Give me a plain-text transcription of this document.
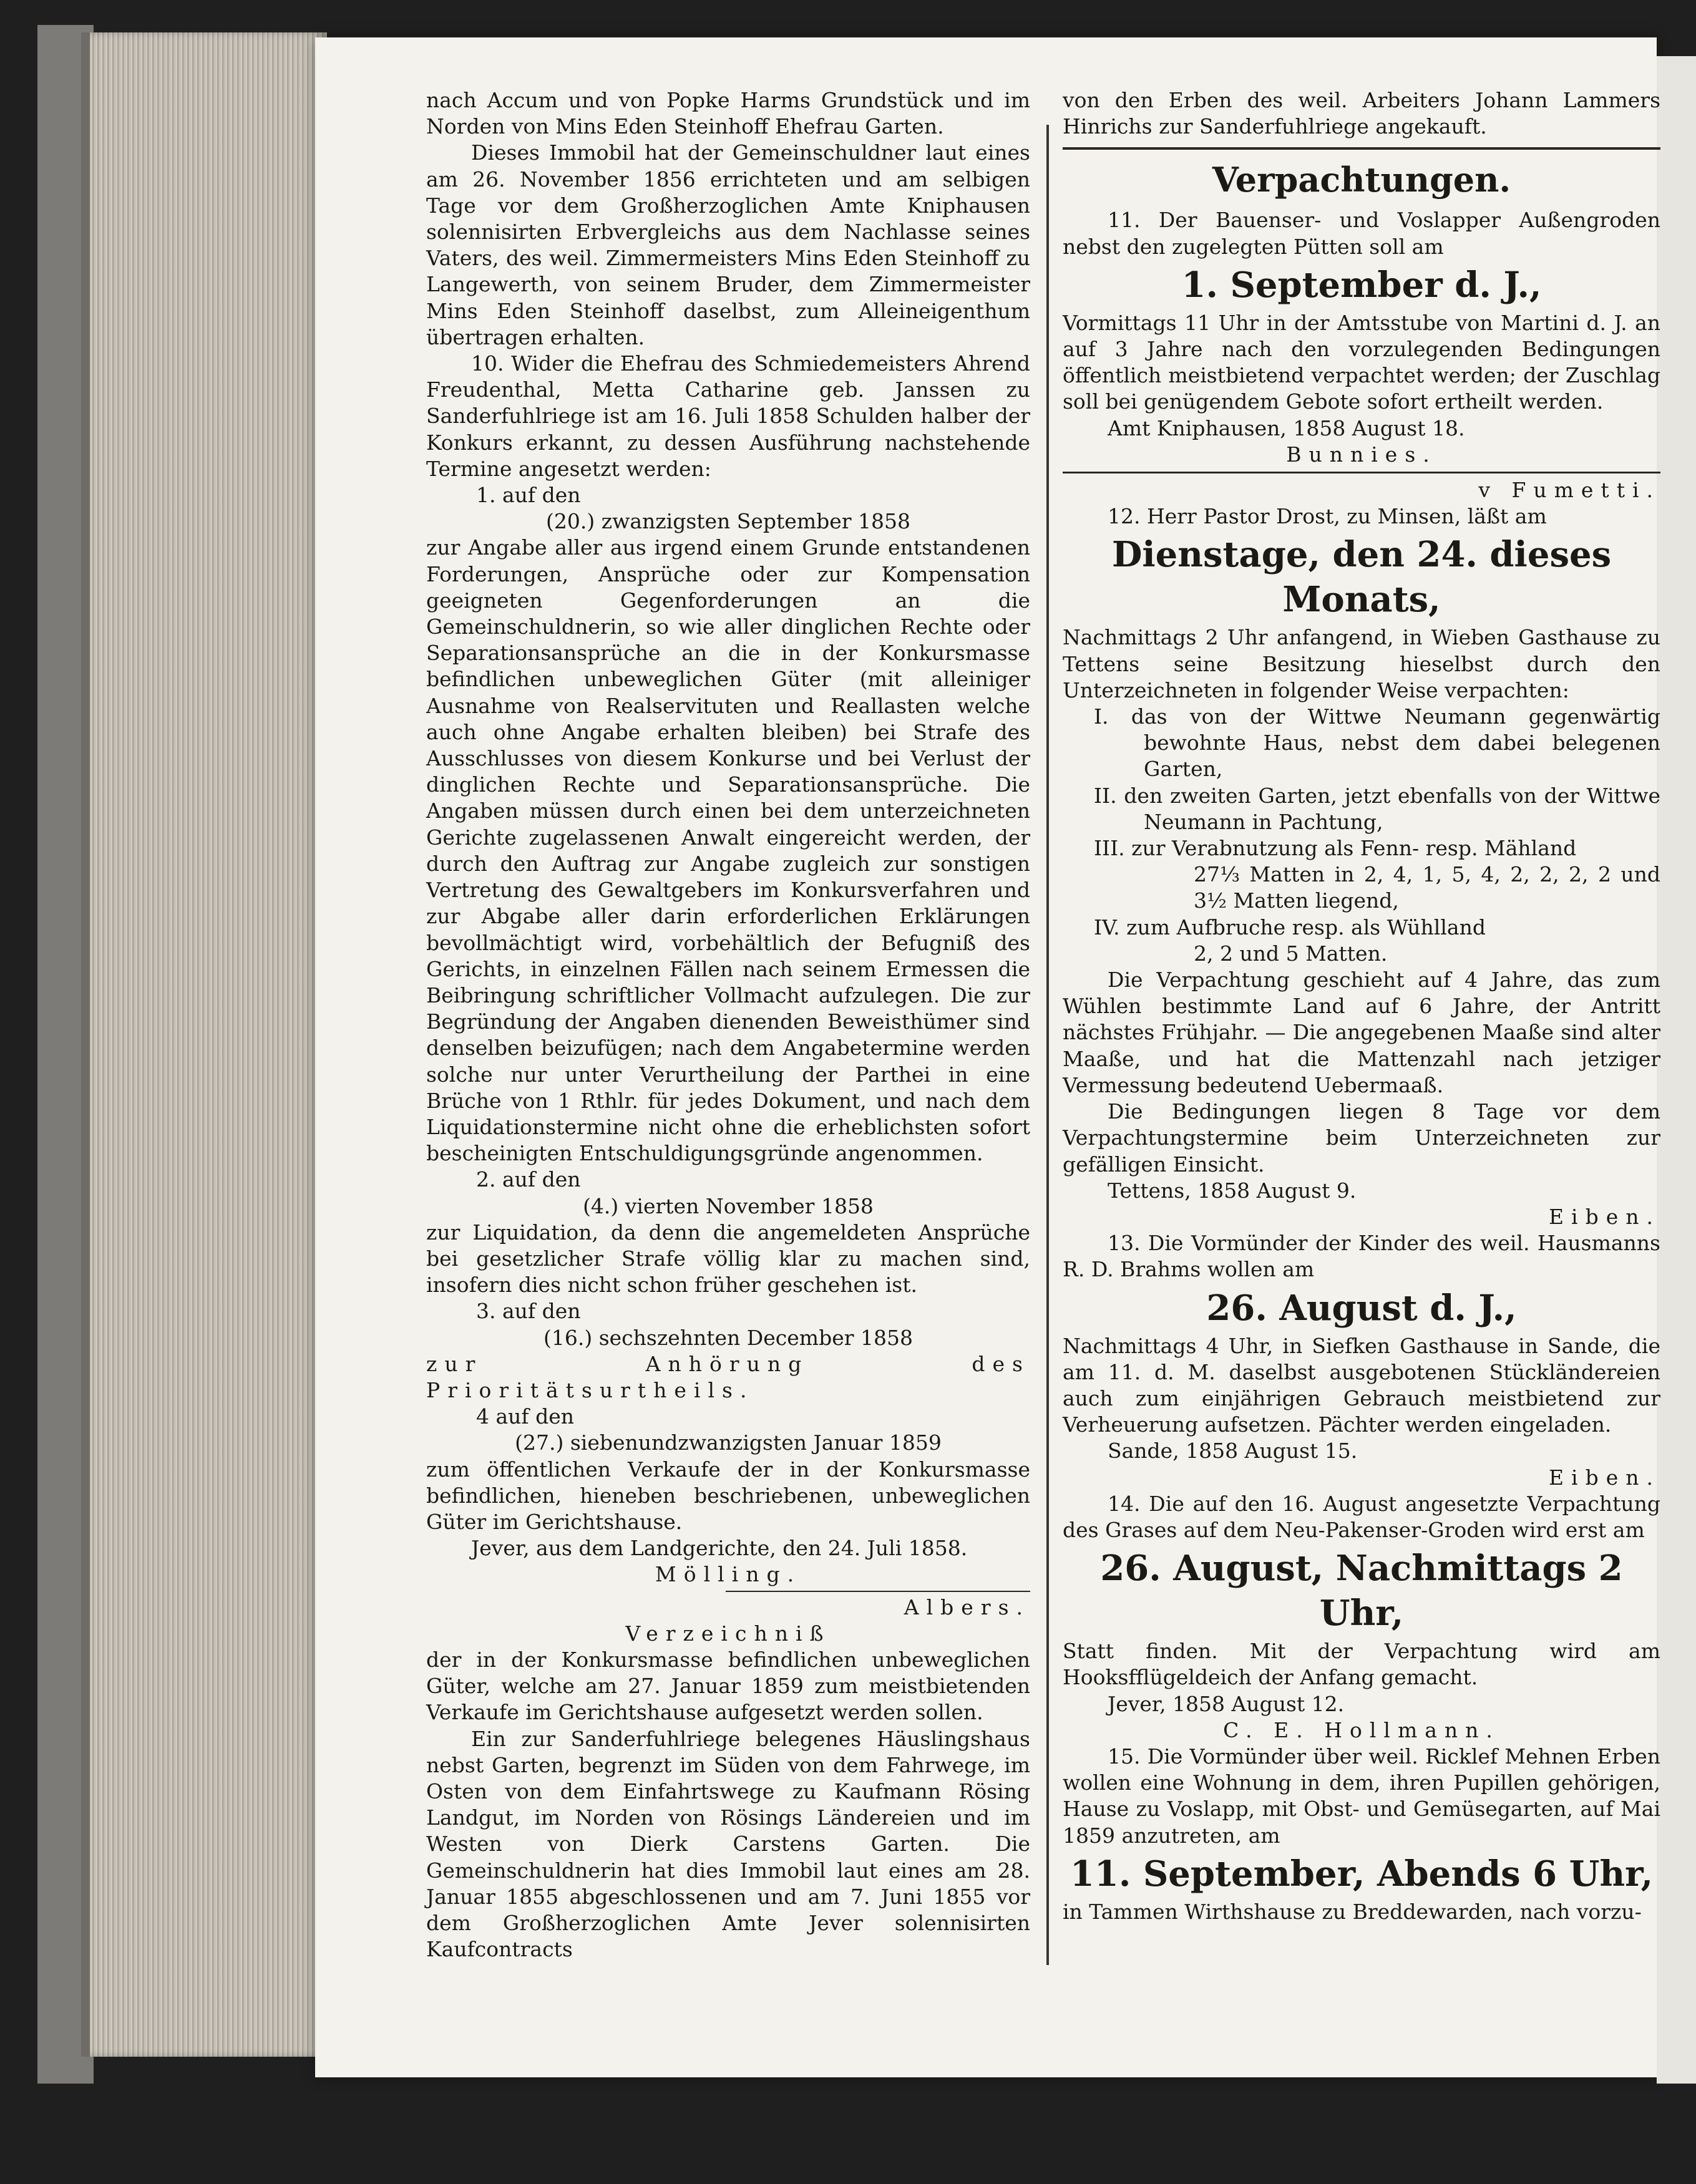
nach Accum und von Popke Harms Grundstück und im Norden von Mins Eden Steinhoff Ehefrau Garten.

Dieses Immobil hat der Gemeinschuldner laut eines am 26. November 1856 errichteten und am selbigen Tage vor dem Großherzoglichen Amte Kniphausen solennisirten Erbvergleichs aus dem Nachlasse seines Vaters, des weil. Zimmermeisters Mins Eden Steinhoff zu Langewerth, von seinem Bruder, dem Zimmermeister Mins Eden Steinhoff daselbst, zum Alleineigenthum übertragen erhalten.

10. Wider die Ehefrau des Schmiedemeisters Ahrend Freudenthal, Metta Catharine geb. Janssen zu Sanderfuhlriege ist am 16. Juli 1858 Schulden halber der Konkurs erkannt, zu dessen Ausführung nachstehende Termine angesetzt werden:

1. auf den

(20.) zwanzigsten September 1858

zur Angabe aller aus irgend einem Grunde entstandenen Forderungen, Ansprüche oder zur Kompensation geeigneten Gegenforderungen an die Gemeinschuldnerin, so wie aller dinglichen Rechte oder Separationsansprüche an die in der Konkursmasse befindlichen unbeweglichen Güter (mit alleiniger Ausnahme von Realservituten und Reallasten welche auch ohne Angabe erhalten bleiben) bei Strafe des Ausschlusses von diesem Konkurse und bei Verlust der dinglichen Rechte und Separationsansprüche. Die Angaben müssen durch einen bei dem unterzeichneten Gerichte zugelassenen Anwalt eingereicht werden, der durch den Auftrag zur Angabe zugleich zur sonstigen Vertretung des Gewaltgebers im Konkursverfahren und zur Abgabe aller darin erforderlichen Erklärungen bevollmächtigt wird, vorbehältlich der Befugniß des Gerichts, in einzelnen Fällen nach seinem Ermessen die Beibringung schriftlicher Vollmacht aufzulegen. Die zur Begründung der Angaben dienenden Beweisthümer sind denselben beizufügen; nach dem Angabetermine werden solche nur unter Verurtheilung der Parthei in eine Brüche von 1 Rthlr. für jedes Dokument, und nach dem Liquidationstermine nicht ohne die erheblichsten sofort bescheinigten Entschuldigungsgründe angenommen.

2. auf den

(4.) vierten November 1858

zur Liquidation, da denn die angemeldeten Ansprüche bei gesetzlicher Strafe völlig klar zu machen sind, insofern dies nicht schon früher geschehen ist.

3. auf den

(16.) sechszehnten December 1858

zur Anhörung des Prioritätsurtheils.

4 auf den

(27.) siebenundzwanzigsten Januar 1859

zum öffentlichen Verkaufe der in der Konkursmasse befindlichen, hieneben beschriebenen, unbeweglichen Güter im Gerichtshause.

Jever, aus dem Landgerichte, den 24. Juli 1858.

Mölling.

Albers.

Verzeichniß

der in der Konkursmasse befindlichen unbeweglichen Güter, welche am 27. Januar 1859 zum meistbietenden Verkaufe im Gerichtshause aufgesetzt werden sollen.

Ein zur Sanderfuhlriege belegenes Häuslingshaus nebst Garten, begrenzt im Süden von dem Fahrwege, im Osten von dem Einfahrtswege zu Kaufmann Rösing Landgut, im Norden von Rösings Ländereien und im Westen von Dierk Carstens Garten. Die Gemeinschuldnerin hat dies Immobil laut eines am 28. Januar 1855 abgeschlossenen und am 7. Juni 1855 vor dem Großherzoglichen Amte Jever solennisirten Kaufcontracts

von den Erben des weil. Arbeiters Johann Lammers Hinrichs zur Sanderfuhlriege angekauft.

Verpachtungen.

11. Der Bauenser- und Voslapper Außengroden nebst den zugelegten Pütten soll am

1. September d. J.,

Vormittags 11 Uhr in der Amtsstube von Martini d. J. an auf 3 Jahre nach den vorzulegenden Bedingungen öffentlich meistbietend verpachtet werden; der Zuschlag soll bei genügendem Gebote sofort ertheilt werden.

Amt Kniphausen, 1858 August 18.

Bunnies.

v Fumetti.

12. Herr Pastor Drost, zu Minsen, läßt am

Dienstage, den 24. dieses Monats,

Nachmittags 2 Uhr anfangend, in Wieben Gasthause zu Tettens seine Besitzung hieselbst durch den Unterzeichneten in folgender Weise verpachten:

I. das von der Wittwe Neumann gegenwärtig bewohnte Haus, nebst dem dabei belegenen Garten,

II. den zweiten Garten, jetzt ebenfalls von der Wittwe Neumann in Pachtung,

III. zur Verabnutzung als Fenn- resp. Mähland

27⅓ Matten in 2, 4, 1, 5, 4, 2, 2, 2, 2 und 3½ Matten liegend,

IV. zum Aufbruche resp. als Wühlland

2, 2 und 5 Matten.

Die Verpachtung geschieht auf 4 Jahre, das zum Wühlen bestimmte Land auf 6 Jahre, der Antritt nächstes Frühjahr. — Die angegebenen Maaße sind alter Maaße, und hat die Mattenzahl nach jetziger Vermessung bedeutend Uebermaaß.

Die Bedingungen liegen 8 Tage vor dem Verpachtungstermine beim Unterzeichneten zur gefälligen Einsicht.

Tettens, 1858 August 9.

Eiben.

13. Die Vormünder der Kinder des weil. Hausmanns R. D. Brahms wollen am

26. August d. J.,

Nachmittags 4 Uhr, in Siefken Gasthause in Sande, die am 11. d. M. daselbst ausgebotenen Stückländereien auch zum einjährigen Gebrauch meistbietend zur Verheuerung aufsetzen. Pächter werden eingeladen.

Sande, 1858 August 15.

Eiben.

14. Die auf den 16. August angesetzte Verpachtung des Grases auf dem Neu-Pakenser-Groden wird erst am

26. August, Nachmittags 2 Uhr,

Statt finden. Mit der Verpachtung wird am Hooksfflügeldeich der Anfang gemacht.

Jever, 1858 August 12.

C. E. Hollmann.

15. Die Vormünder über weil. Ricklef Mehnen Erben wollen eine Wohnung in dem, ihren Pupillen gehörigen, Hause zu Voslapp, mit Obst- und Gemüsegarten, auf Mai 1859 anzutreten, am

11. September, Abends 6 Uhr,

in Tammen Wirthshause zu Breddewarden, nach vorzu-
